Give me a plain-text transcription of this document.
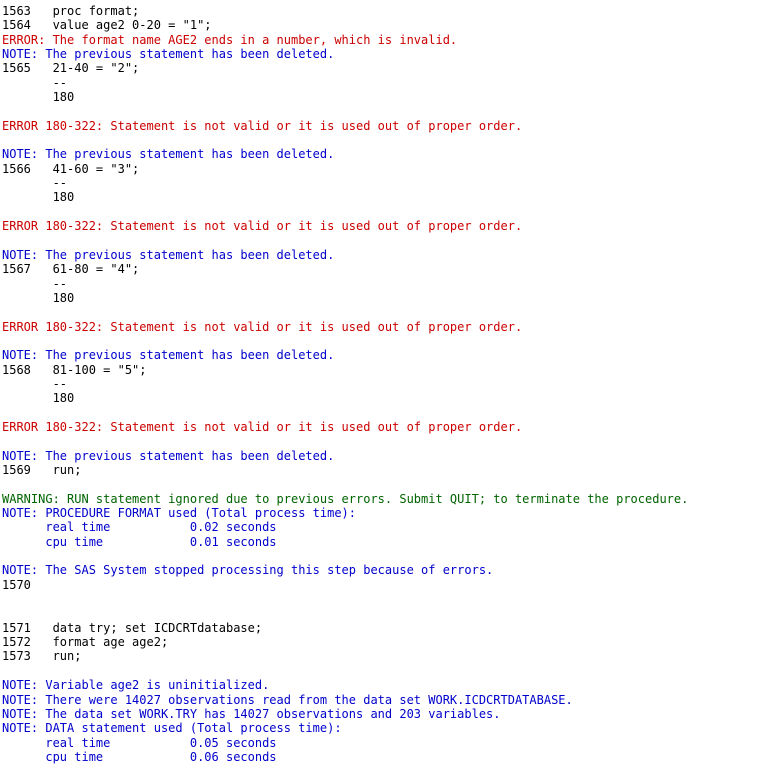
1563   proc format;
1564   value age2 0-20 = "1";
ERROR: The format name AGE2 ends in a number, which is invalid.
NOTE: The previous statement has been deleted.
1565   21-40 = "2";
--
180
ERROR 180-322: Statement is not valid or it is used out of proper order.
NOTE: The previous statement has been deleted.
1566   41-60 = "3";
--
180
ERROR 180-322: Statement is not valid or it is used out of proper order.
NOTE: The previous statement has been deleted.
1567   61-80 = "4";
--
180
ERROR 180-322: Statement is not valid or it is used out of proper order.
NOTE: The previous statement has been deleted.
1568   81-100 = "5";
--
180
ERROR 180-322: Statement is not valid or it is used out of proper order.
NOTE: The previous statement has been deleted.
1569   run;
WARNING: RUN statement ignored due to previous errors. Submit QUIT; to terminate the procedure.
NOTE: PROCEDURE FORMAT used (Total process time):
real time           0.02 seconds
cpu time            0.01 seconds
NOTE: The SAS System stopped processing this step because of errors.
1570
1571   data try; set ICDCRTdatabase;
1572   format age age2;
1573   run;
NOTE: Variable age2 is uninitialized.
NOTE: There were 14027 observations read from the data set WORK.ICDCRTDATABASE.
NOTE: The data set WORK.TRY has 14027 observations and 203 variables.
NOTE: DATA statement used (Total process time):
real time           0.05 seconds
cpu time            0.06 seconds
